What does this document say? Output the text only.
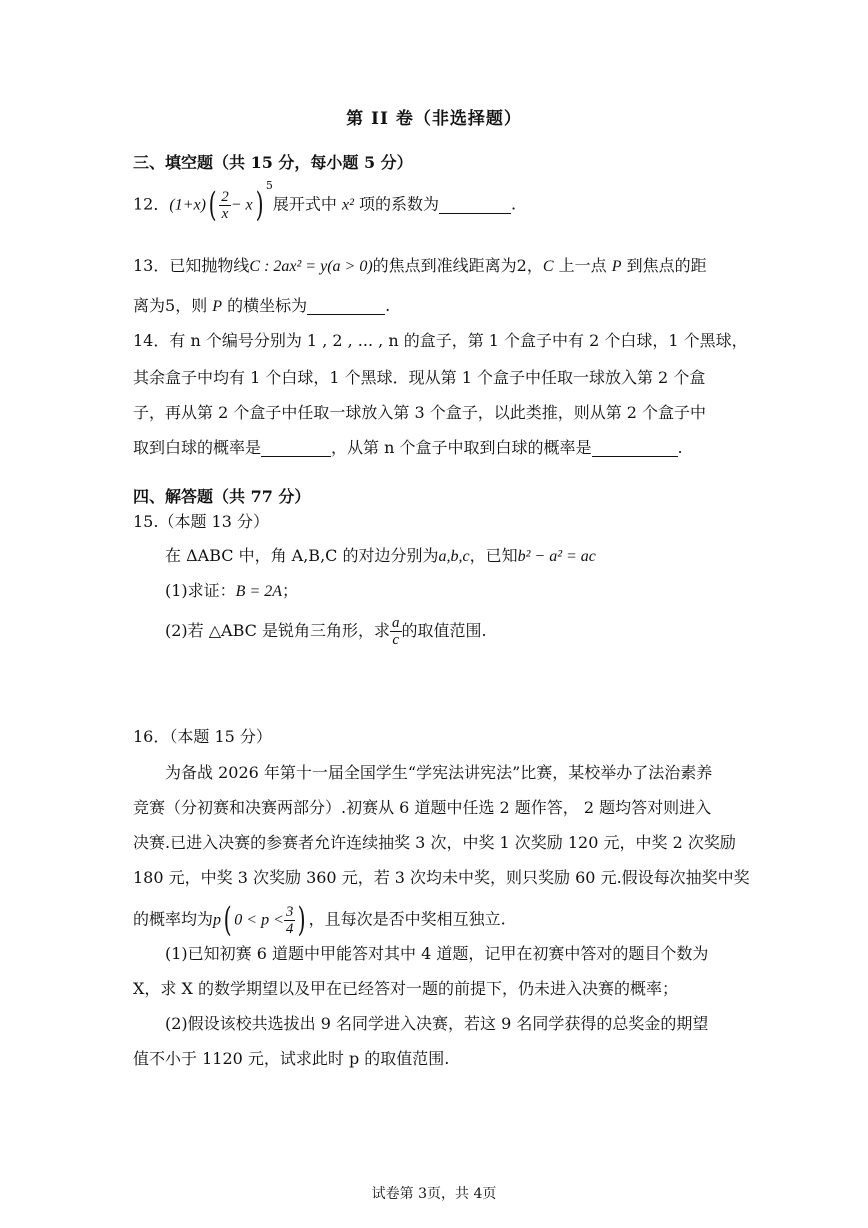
第 II 卷（非选择题）
三、填空题（共 15 分，每小题 5 分）
12．$(1+x)( \frac{2}{x} - x)$ $^5$展开式中 x² 项的系数为	.
13．已知抛物线C : 2ax² = y(a > 0)的焦点到准线距离为2，C 上一点 P 到焦点的距
离为5，则 P 的横坐标为	.
14．有 n 个编号分别为 1 , 2 , ... , n 的盒子，第 1 个盒子中有 2 个白球，1 个黑球，
其余盒子中均有 1 个白球，1 个黑球．现从第 1 个盒子中任取一球放入第 2 个盒
子，再从第 2 个盒子中任取一球放入第 3 个盒子，以此类推，则从第 2 个盒子中
取到白球的概率是	，从第 n 个盒子中取到白球的概率是	.
四、解答题（共 77 分）
15.（本题 13 分）
在 ΔABC 中，角 A,B,C 的对边分别为a,b,c，已知b² − a² = ac
(1)求证：B = 2A；
(2)若 △ABC 是锐角三角形，求 $\frac{a}{c}$ 的取值范围.
16．（本题 15 分）
为备战 2026 年第十一届全国学生“学宪法讲宪法”比赛，某校举办了法治素养
竞赛（分初赛和决赛两部分）.初赛从 6 道题中任选 2 题作答， 2 题均答对则进入
决赛.已进入决赛的参赛者允许连续抽奖 3 次，中奖 1 次奖励 120 元，中奖 2 次奖励
180 元，中奖 3 次奖励 360 元，若 3 次均未中奖，则只奖励 60 元.假设每次抽奖中奖
的概率均为p( $0 < p < \frac{3}{4}$ ) ，且每次是否中奖相互独立.
(1)已知初赛 6 道题中甲能答对其中 4 道题，记甲在初赛中答对的题目个数为
X，求 X 的数学期望以及甲在已经答对一题的前提下，仍未进入决赛的概率；
(2)假设该校共选拔出 9 名同学进入决赛，若这 9 名同学获得的总奖金的期望
值不小于 1120 元，试求此时 p 的取值范围.
试卷第 3页，共 4页
